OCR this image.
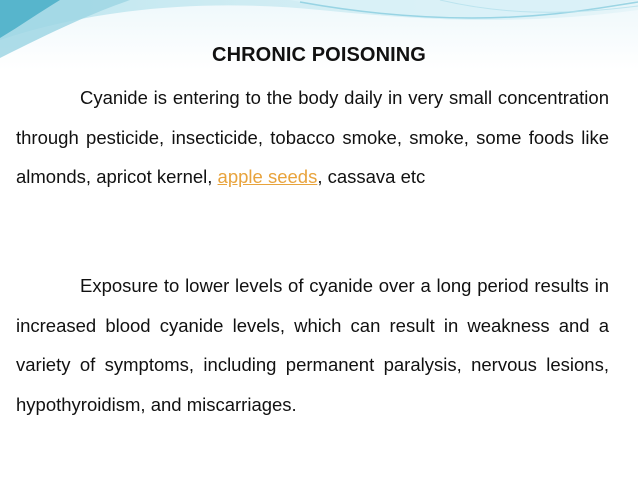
CHRONIC POISONING

Cyanide is entering to the body daily in very small concentration through pesticide, insecticide, tobacco smoke, smoke, some foods like almonds, apricot kernel, apple seeds, cassava etc

Exposure to lower levels of cyanide over a long period results in increased blood cyanide levels, which can result in weakness and a variety of symptoms, including permanent paralysis, nervous lesions, hypothyroidism, and miscarriages.
